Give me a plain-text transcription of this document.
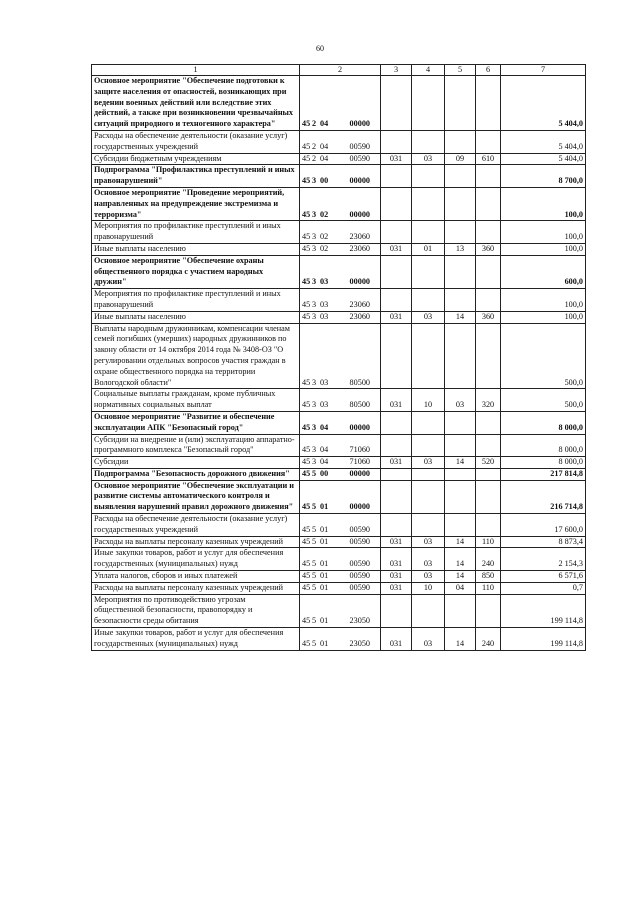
60
1	2	3	4	5	6	7
Основное мероприятие "Обеспечение подготовки к защите населения от опасностей, возникающих при ведении военных действий или вследствие этих действий, а также при возникновении чрезвычайных ситуаций природного и техногенного характера"	45 2 04 00000					5 404,0
Расходы на обеспечение деятельности (оказание услуг) государственных учреждений	45 2 04 00590					5 404,0
Субсидии бюджетным учреждениям	45 2 04 00590	031	03	09	610	5 404,0
Подпрограмма "Профилактика преступлений и иных правонарушений"	45 3 00 00000					8 700,0
Основное мероприятие "Проведение мероприятий, направленных на предупреждение экстремизма и терроризма"	45 3 02 00000					100,0
Мероприятия по профилактике преступлений и иных правонарушений	45 3 02 23060					100,0
Иные выплаты населению	45 3 02 23060	031	01	13	360	100,0
Основное мероприятие "Обеспечение охраны общественного порядка с участием народных дружин"	45 3 03 00000					600,0
Мероприятия по профилактике преступлений и иных правонарушений	45 3 03 23060					100,0
Иные выплаты населению	45 3 03 23060	031	03	14	360	100,0
Выплаты народным дружинникам, компенсации членам семей погибших (умерших) народных дружинников по закону области от 14 октября 2014 года № 3408-ОЗ "О регулировании отдельных вопросов участия граждан в охране общественного порядка на территории Вологодской области"	45 3 03 80500					500,0
Социальные выплаты гражданам, кроме публичных нормативных социальных выплат	45 3 03 80500	031	10	03	320	500,0
Основное мероприятие "Развитие и обеспечение эксплуатации АПК "Безопасный город"	45 3 04 00000					8 000,0
Субсидии на внедрение и (или) эксплуатацию аппаратно-программного комплекса "Безопасный город"	45 3 04 71060					8 000,0
Субсидии	45 3 04 71060	031	03	14	520	8 000,0
Подпрограмма "Безопасность дорожного движения"	45 5 00 00000					217 814,8
Основное мероприятие "Обеспечение эксплуатации и развитие системы автоматического контроля и выявления нарушений правил дорожного движения"	45 5 01 00000					216 714,8
Расходы на обеспечение деятельности (оказание услуг) государственных учреждений	45 5 01 00590					17 600,0
Расходы на выплаты персоналу казенных учреждений	45 5 01 00590	031	03	14	110	8 873,4
Иные закупки товаров, работ и услуг для обеспечения государственных (муниципальных) нужд	45 5 01 00590	031	03	14	240	2 154,3
Уплата налогов, сборов и иных платежей	45 5 01 00590	031	03	14	850	6 571,6
Расходы на выплаты персоналу казенных учреждений	45 5 01 00590	031	10	04	110	0,7
Мероприятия по противодействию угрозам общественной безопасности, правопорядку и безопасности среды обитания	45 5 01 23050					199 114,8
Иные закупки товаров, работ и услуг для обеспечения государственных (муниципальных) нужд	45 5 01 23050	031	03	14	240	199 114,8
